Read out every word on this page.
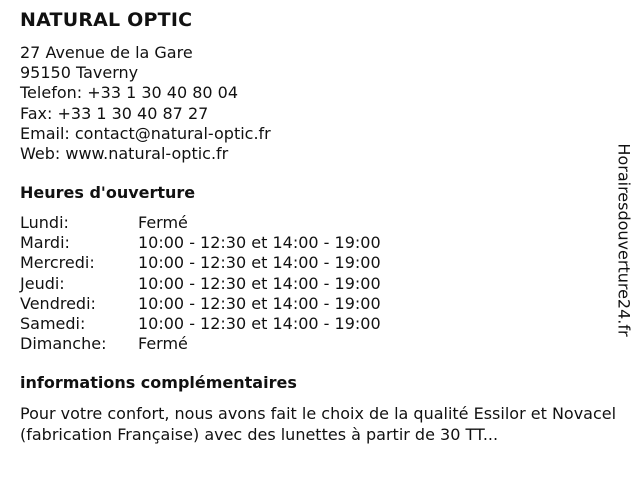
NATURAL OPTIC
27 Avenue de la Gare
95150 Taverny
Telefon: +33 1 30 40 80 04
Fax: +33 1 30 40 87 27
Email: contact@natural-optic.fr
Web: www.natural-optic.fr
Heures d'ouverture
Lundi:	Fermé
Mardi:	10:00 - 12:30 et 14:00 - 19:00
Mercredi:	10:00 - 12:30 et 14:00 - 19:00
Jeudi:	10:00 - 12:30 et 14:00 - 19:00
Vendredi:	10:00 - 12:30 et 14:00 - 19:00
Samedi:	10:00 - 12:30 et 14:00 - 19:00
Dimanche:	Fermé
informations complémentaires
Pour votre confort, nous avons fait le choix de la qualité Essilor et Novacel (fabrication Française) avec des lunettes à partir de 30 TT...
Horairesdouverture24.fr
